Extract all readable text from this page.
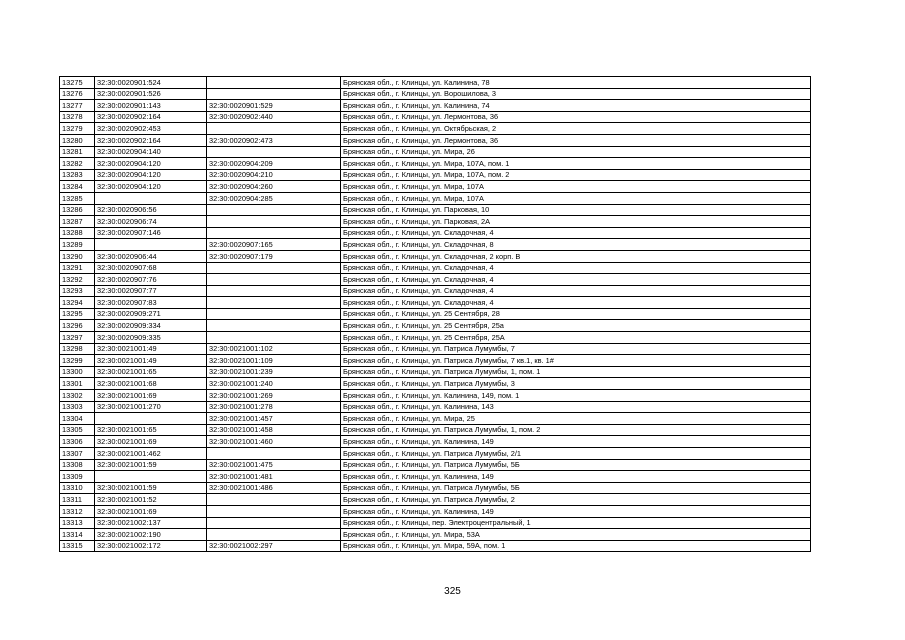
13275	32:30:0020901:524		Брянская обл., г. Клинцы, ул. Калинина, 78
13276	32:30:0020901:526		Брянская обл., г. Клинцы, ул. Ворошилова, 3
13277	32:30:0020901:143	32:30:0020901:529	Брянская обл., г. Клинцы, ул. Калинина, 74
13278	32:30:0020902:164	32:30:0020902:440	Брянская обл., г. Клинцы, ул. Лермонтова, 36
13279	32:30:0020902:453		Брянская обл., г. Клинцы, ул. Октябрьская, 2
13280	32:30:0020902:164	32:30:0020902:473	Брянская обл., г. Клинцы, ул. Лермонтова, 36
13281	32:30:0020904:140		Брянская обл., г. Клинцы, ул. Мира, 26
13282	32:30:0020904:120	32:30:0020904:209	Брянская обл., г. Клинцы, ул. Мира, 107А, пом. 1
13283	32:30:0020904:120	32:30:0020904:210	Брянская обл., г. Клинцы, ул. Мира, 107А, пом. 2
13284	32:30:0020904:120	32:30:0020904:260	Брянская обл., г. Клинцы, ул. Мира, 107А
13285		32:30:0020904:285	Брянская обл., г. Клинцы, ул. Мира, 107А
13286	32:30:0020906:56		Брянская обл., г. Клинцы, ул. Парковая, 10
13287	32:30:0020906:74		Брянская обл., г. Клинцы, ул. Парковая, 2А
13288	32:30:0020907:146		Брянская обл., г. Клинцы, ул. Складочная, 4
13289		32:30:0020907:165	Брянская обл., г. Клинцы, ул. Складочная, 8
13290	32:30:0020906:44	32:30:0020907:179	Брянская обл., г. Клинцы, ул. Складочная, 2 корп. В
13291	32:30:0020907:68		Брянская обл., г. Клинцы, ул. Складочная, 4
13292	32:30:0020907:76		Брянская обл., г. Клинцы, ул. Складочная, 4
13293	32:30:0020907:77		Брянская обл., г. Клинцы, ул. Складочная, 4
13294	32:30:0020907:83		Брянская обл., г. Клинцы, ул. Складочная, 4
13295	32:30:0020909:271		Брянская обл., г. Клинцы, ул. 25 Сентября, 28
13296	32:30:0020909:334		Брянская обл., г. Клинцы, ул. 25 Сентября, 25а
13297	32:30:0020909:335		Брянская обл., г. Клинцы, ул. 25 Сентября, 25А
13298	32:30:0021001:49	32:30:0021001:102	Брянская обл., г. Клинцы, ул. Патриса Лумумбы, 7
13299	32:30:0021001:49	32:30:0021001:109	Брянская обл., г. Клинцы, ул. Патриса Лумумбы, 7 кв.1, кв. 1#
13300	32:30:0021001:65	32:30:0021001:239	Брянская обл., г. Клинцы, ул. Патриса Лумумбы, 1, пом. 1
13301	32:30:0021001:68	32:30:0021001:240	Брянская обл., г. Клинцы, ул. Патриса Лумумбы, 3
13302	32:30:0021001:69	32:30:0021001:269	Брянская обл., г. Клинцы, ул. Калинина, 149, пом. 1
13303	32:30:0021001:270	32:30:0021001:278	Брянская обл., г. Клинцы, ул. Калинина, 143
13304		32:30:0021001:457	Брянская обл., г. Клинцы, ул. Мира, 25
13305	32:30:0021001:65	32:30:0021001:458	Брянская обл., г. Клинцы, ул. Патриса Лумумбы, 1, пом. 2
13306	32:30:0021001:69	32:30:0021001:460	Брянская обл., г. Клинцы, ул. Калинина, 149
13307	32:30:0021001:462		Брянская обл., г. Клинцы, ул. Патриса Лумумбы, 2/1
13308	32:30:0021001:59	32:30:0021001:475	Брянская обл., г. Клинцы, ул. Патриса Лумумбы, 5Б
13309		32:30:0021001:481	Брянская обл., г. Клинцы, ул. Калинина, 149
13310	32:30:0021001:59	32:30:0021001:486	Брянская обл., г. Клинцы, ул. Патриса Лумумбы, 5Б
13311	32:30:0021001:52		Брянская обл., г. Клинцы, ул. Патриса Лумумбы, 2
13312	32:30:0021001:69		Брянская обл., г. Клинцы, ул. Калинина, 149
13313	32:30:0021002:137		Брянская обл., г. Клинцы, пер. Электроцентральный, 1
13314	32:30:0021002:190		Брянская обл., г. Клинцы, ул. Мира, 53А
13315	32:30:0021002:172	32:30:0021002:297	Брянская обл., г. Клинцы, ул. Мира, 59А, пом. 1
325
